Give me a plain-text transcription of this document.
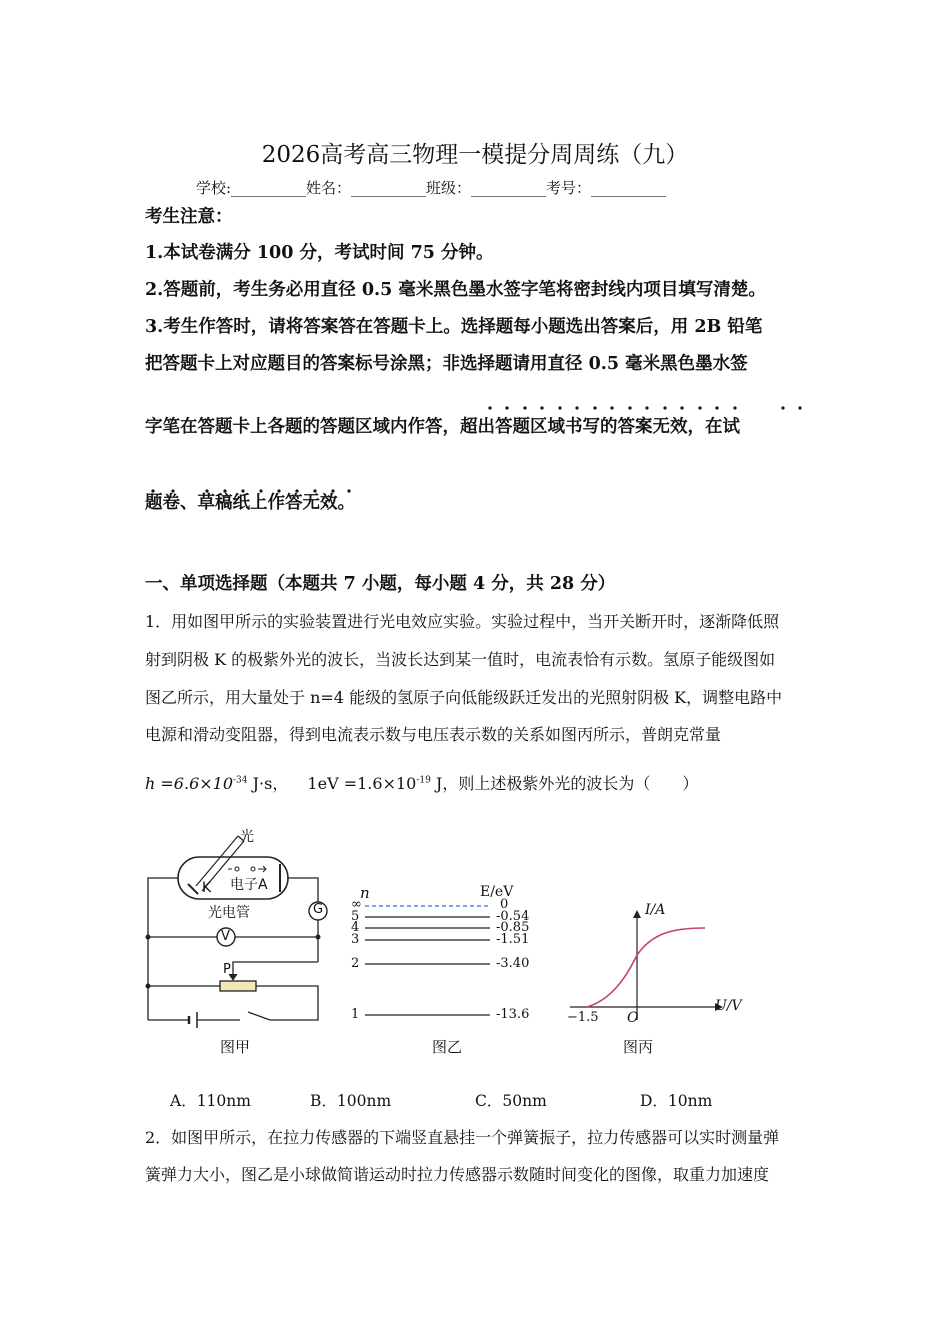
2026高考高三物理一模提分周周练（九）
学校:__________姓名：__________班级：__________考号：__________
考生注意：
1.本试卷满分 100 分，考试时间 75 分钟。
2.答题前，考生务必用直径 0.5 毫米黑色墨水签字笔将密封线内项目填写清楚。
3.考生作答时，请将答案答在答题卡上。选择题每小题选出答案后，用 2B 铅笔
把答题卡上对应题目的答案标号涂黑；非选择题请用直径 0.5 毫米黑色墨水签
字笔在答题卡上各题的答题区域内作答，超出答题区域书写的答案无效，在试
题卷、草稿纸上作答无效。
一、单项选择题（本题共 7 小题，每小题 4 分，共 28 分）
1．用如图甲所示的实验装置进行光电效应实验。实验过程中，当开关断开时，逐渐降低照
射到阴极 K 的极紫外光的波长，当波长达到某一值时，电流表恰有示数。氢原子能级图如
图乙所示，用大量处于 n=4 能级的氢原子向低能级跃迁发出的光照射阴极 K，调整电路中
电源和滑动变阻器，得到电流表示数与电压表示数的关系如图丙所示，普朗克常量
$h =6.6\times 10^{-34}$ J·s， $1eV =1.6\times 10^{-19}$ J，则上述极紫外光的波长为（　　）
光
K 电子A
光电管	G
V
P
图甲
n	E/eV
∞	0
5	-0.54
4	-0.85
3	-1.51
2	-3.40
1	-13.6
图乙
I/A
U/V
O
−1.5
图丙
A．110nm	B．100nm	C．50nm	D．10nm
2．如图甲所示，在拉力传感器的下端竖直悬挂一个弹簧振子，拉力传感器可以实时测量弹
簧弹力大小，图乙是小球做简谐运动时拉力传感器示数随时间变化的图像，取重力加速度
